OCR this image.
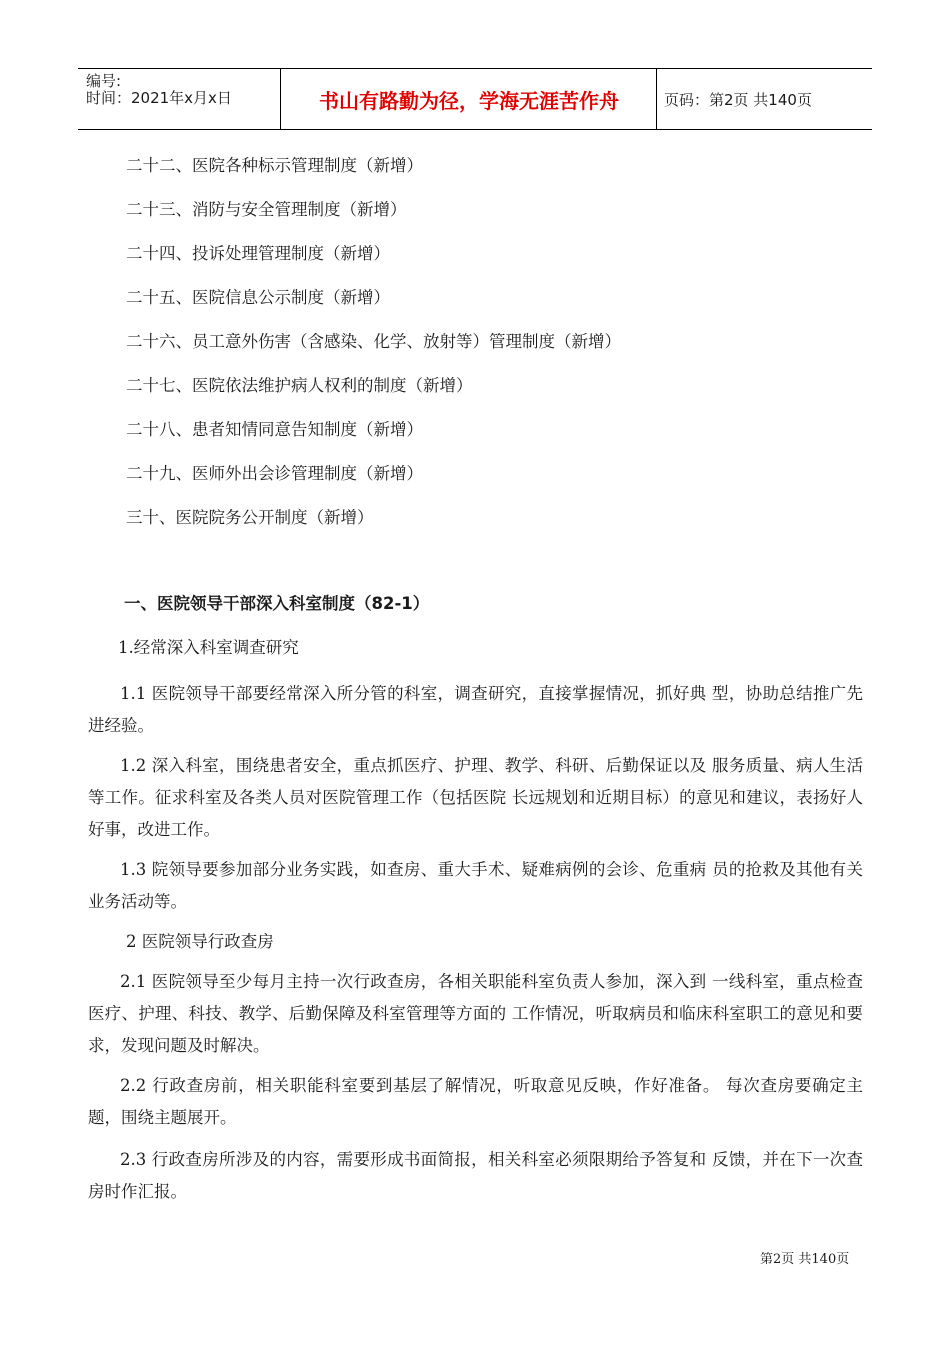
编号:
时间：2021年x月x日	书山有路勤为径，学海无涯苦作舟	页码：第2页 共140页
二十二、医院各种标示管理制度（新增）
二十三、消防与安全管理制度（新增）
二十四、投诉处理管理制度（新增）
二十五、医院信息公示制度（新增）
二十六、员工意外伤害（含感染、化学、放射等）管理制度（新增）
二十七、医院依法维护病人权利的制度（新增）
二十八、患者知情同意告知制度（新增）
二十九、医师外出会诊管理制度（新增）
三十、医院院务公开制度（新增）
一、医院领导干部深入科室制度（82-1）
1.经常深入科室调查研究
1.1 医院领导干部要经常深入所分管的科室，调查研究，直接掌握情况，抓好典 型，协助总结推广先进经验。
1.2 深入科室，围绕患者安全，重点抓医疗、护理、教学、科研、后勤保证以及 服务质量、病人生活等工作。征求科室及各类人员对医院管理工作（包括医院 长远规划和近期目标）的意见和建议，表扬好人好事，改进工作。
1.3 院领导要参加部分业务实践，如查房、重大手术、疑难病例的会诊、危重病 员的抢救及其他有关业务活动等。
2 医院领导行政查房
2.1 医院领导至少每月主持一次行政查房，各相关职能科室负责人参加，深入到 一线科室，重点检查医疗、护理、科技、教学、后勤保障及科室管理等方面的 工作情况，听取病员和临床科室职工的意见和要求，发现问题及时解决。
2.2 行政查房前，相关职能科室要到基层了解情况，听取意见反映，作好准备。 每次查房要确定主题，围绕主题展开。
2.3 行政查房所涉及的内容，需要形成书面简报，相关科室必须限期给予答复和 反馈，并在下一次查房时作汇报。
第2页 共140页
